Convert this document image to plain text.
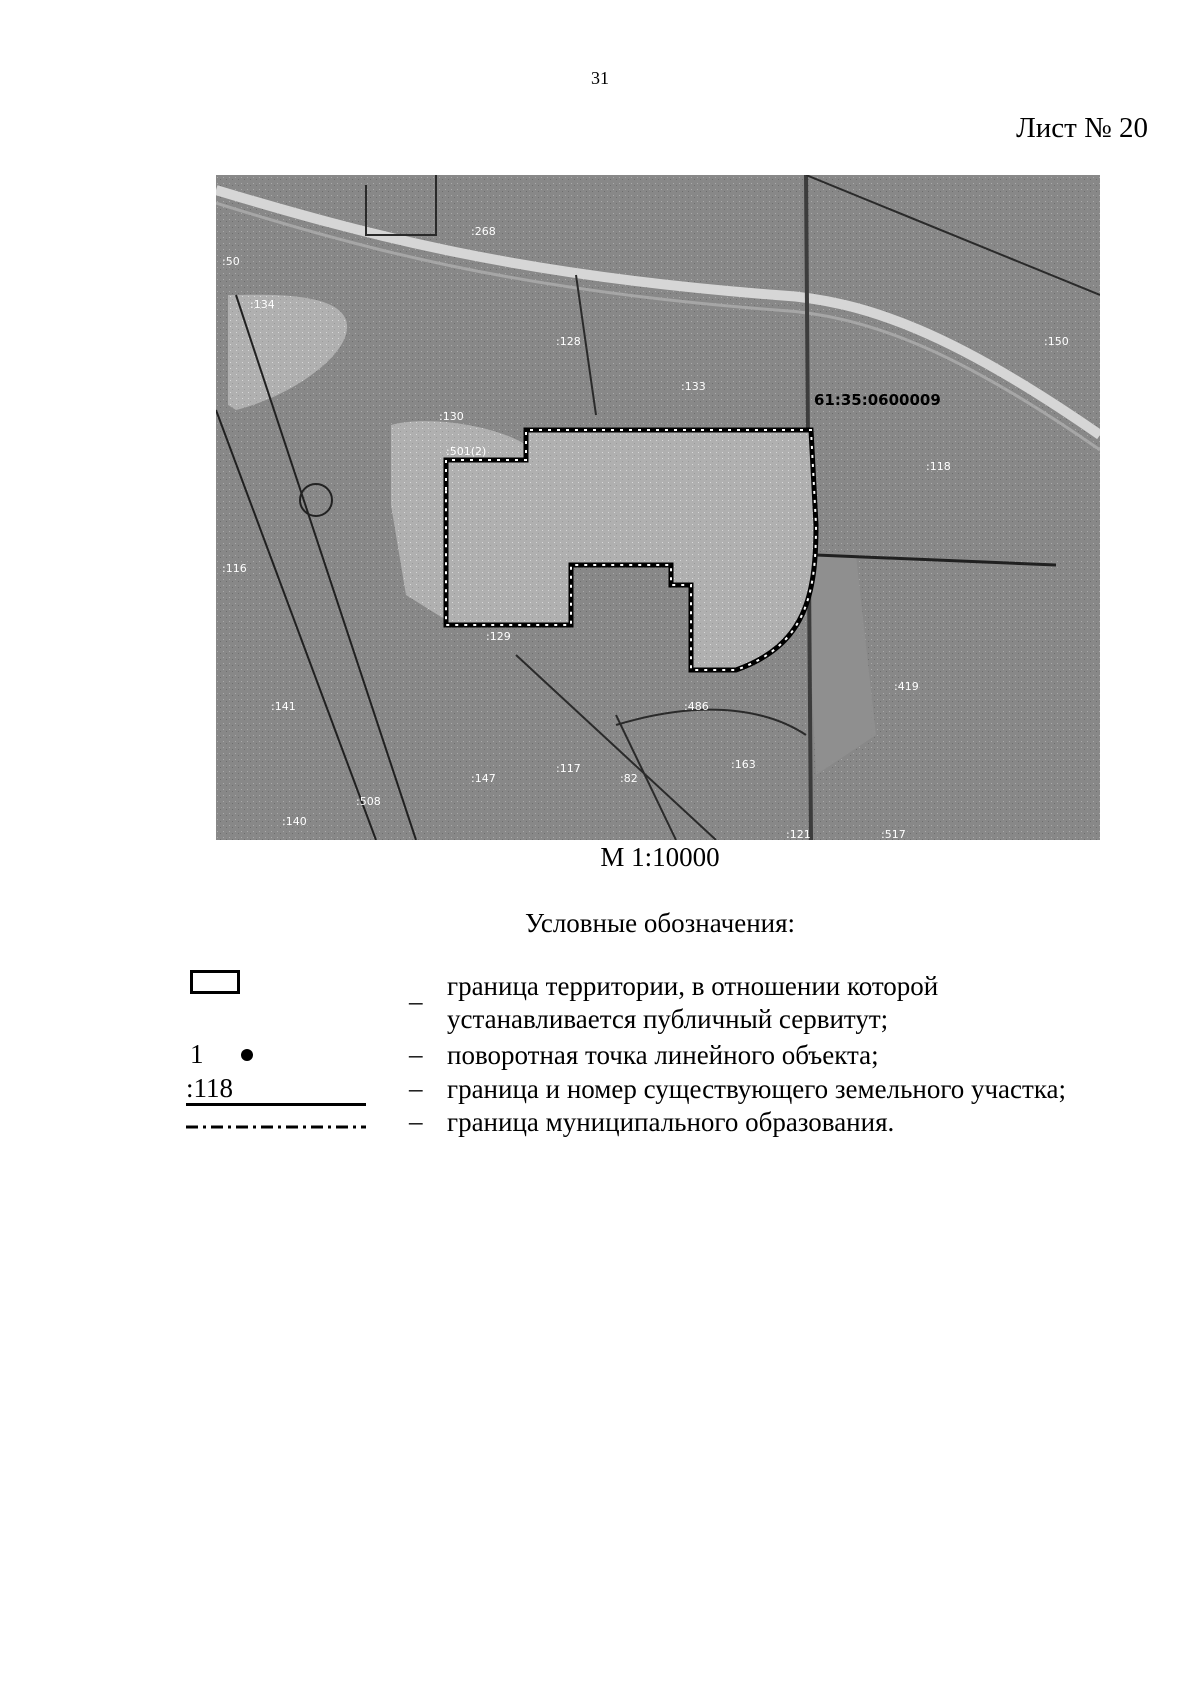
31
Лист № 20
:268
:50
:134
:128
:133
:150
:130
:501(2)
:118
:116
:129
:141	:486
:419
:163
:147
:117
:82
:508
:140
:121	:517
61:35:0600009
М 1:10000
Условные обозначения:
– граница территории, в отношении которой
устанавливается публичный сервитут;
1	– поворотная точка линейного объекта;
:118	– граница и номер существующего земельного участка;
– граница муниципального образования.
